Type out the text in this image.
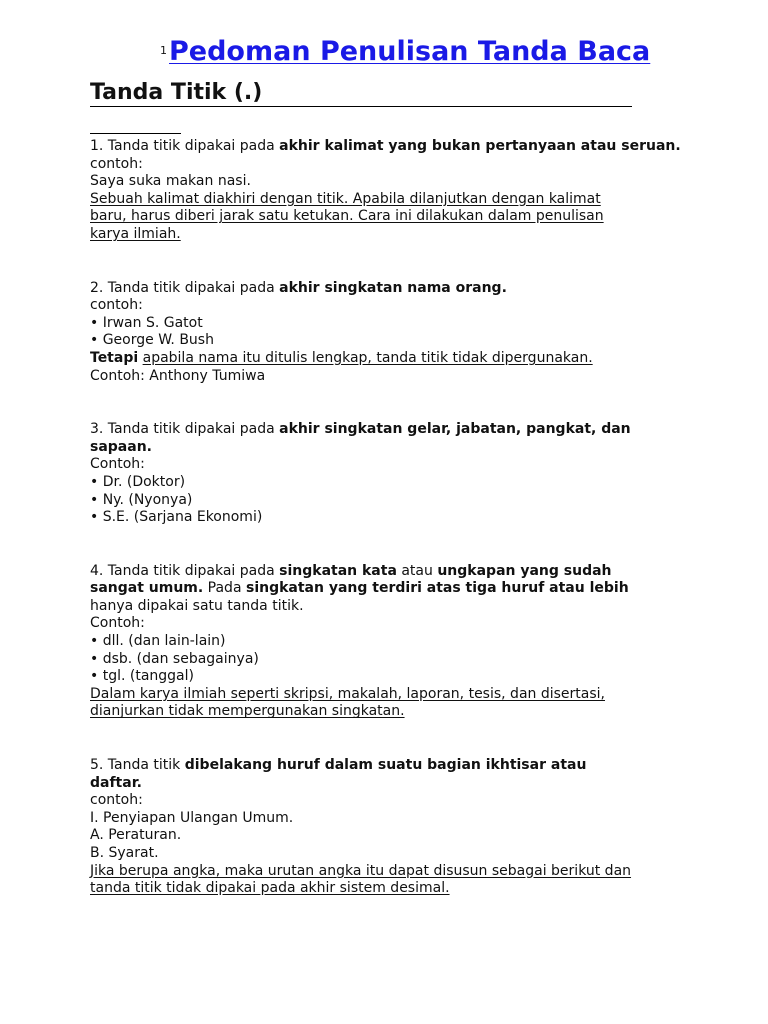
$^1$Pedoman Penulisan Tanda Baca
Tanda Titik (.)
1. Tanda titik dipakai pada akhir kalimat yang bukan pertanyaan atau seruan.
contoh:
Saya suka makan nasi.
Sebuah kalimat diakhiri dengan titik. Apabila dilanjutkan dengan kalimat
baru, harus diberi jarak satu ketukan. Cara ini dilakukan dalam penulisan
karya ilmiah.
2. Tanda titik dipakai pada akhir singkatan nama orang.
contoh:
• Irwan S. Gatot
• George W. Bush
Tetapi apabila nama itu ditulis lengkap, tanda titik tidak dipergunakan.
Contoh: Anthony Tumiwa
3. Tanda titik dipakai pada akhir singkatan gelar, jabatan, pangkat, dan
sapaan.
Contoh:
• Dr. (Doktor)
• Ny. (Nyonya)
• S.E. (Sarjana Ekonomi)
4. Tanda titik dipakai pada singkatan kata atau ungkapan yang sudah
sangat umum. Pada singkatan yang terdiri atas tiga huruf atau lebih
hanya dipakai satu tanda titik.
Contoh:
• dll. (dan lain-lain)
• dsb. (dan sebagainya)
• tgl. (tanggal)
Dalam karya ilmiah seperti skripsi, makalah, laporan, tesis, dan disertasi,
dianjurkan tidak mempergunakan singkatan.
5. Tanda titik dibelakang huruf dalam suatu bagian ikhtisar atau
daftar.
contoh:
I. Penyiapan Ulangan Umum.
A. Peraturan.
B. Syarat.
Jika berupa angka, maka urutan angka itu dapat disusun sebagai berikut dan
tanda titik tidak dipakai pada akhir sistem desimal.
